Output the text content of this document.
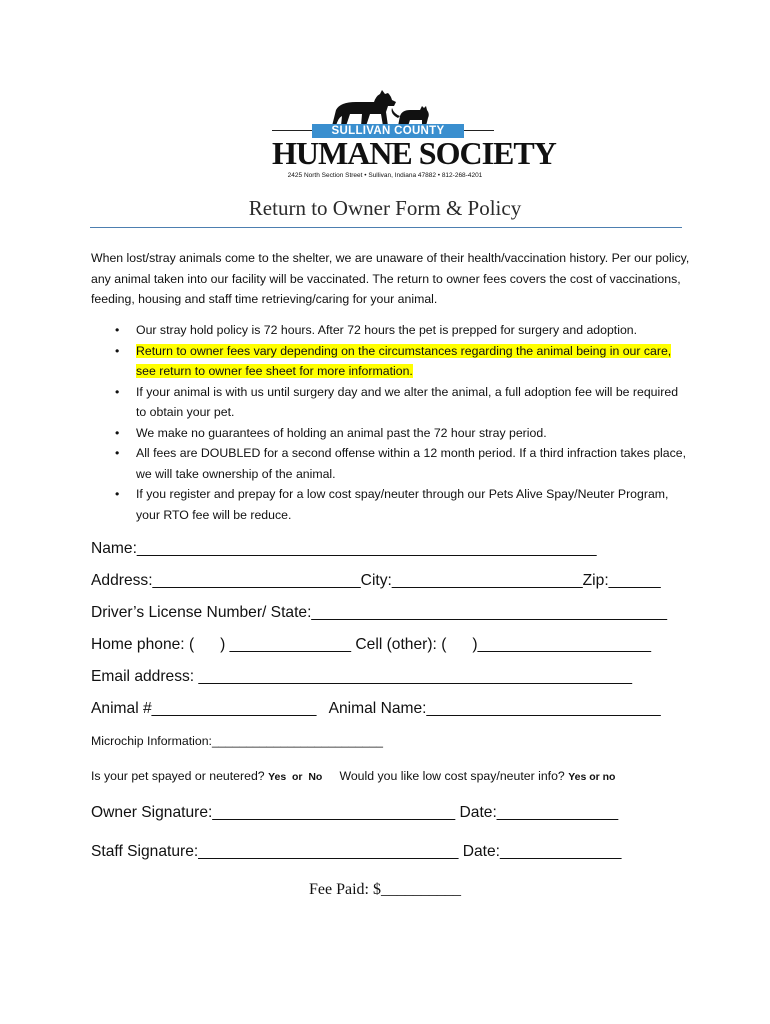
SULLIVAN COUNTY
HUMANE SOCIETY
2425 North Section Street • Sullivan, Indiana 47882 • 812-268-4201
Return to Owner Form & Policy
When lost/stray animals come to the shelter, we are unaware of their health/vaccination history. Per our policy, any animal taken into our facility will be vaccinated. The return to owner fees covers the cost of vaccinations, feeding, housing and staff time retrieving/caring for your animal.
• Our stray hold policy is 72 hours. After 72 hours the pet is prepped for surgery and adoption.
• Return to owner fees vary depending on the circumstances regarding the animal being in our care, see return to owner fee sheet for more information.
• If your animal is with us until surgery day and we alter the animal, a full adoption fee will be required to obtain your pet.
• We make no guarantees of holding an animal past the 72 hour stray period.
• All fees are DOUBLED for a second offense within a 12 month period. If a third infraction takes place, we will take ownership of the animal.
• If you register and prepay for a low cost spay/neuter through our Pets Alive Spay/Neuter Program, your RTO fee will be reduce.
Name:_____________________________________________________
Address:________________________City:______________________Zip:______
Driver’s License Number/ State:_________________________________________
Home phone: (      ) ______________ Cell (other): (      )____________________
Email address: __________________________________________________
Animal #___________________   Animal Name:___________________________
Microchip Information:_________________________
Is your pet spayed or neutered? Yes  or  No Would you like low cost spay/neuter info? Yes or no
Owner Signature:____________________________ Date:______________
Staff Signature:______________________________ Date:______________
Fee Paid: $__________
